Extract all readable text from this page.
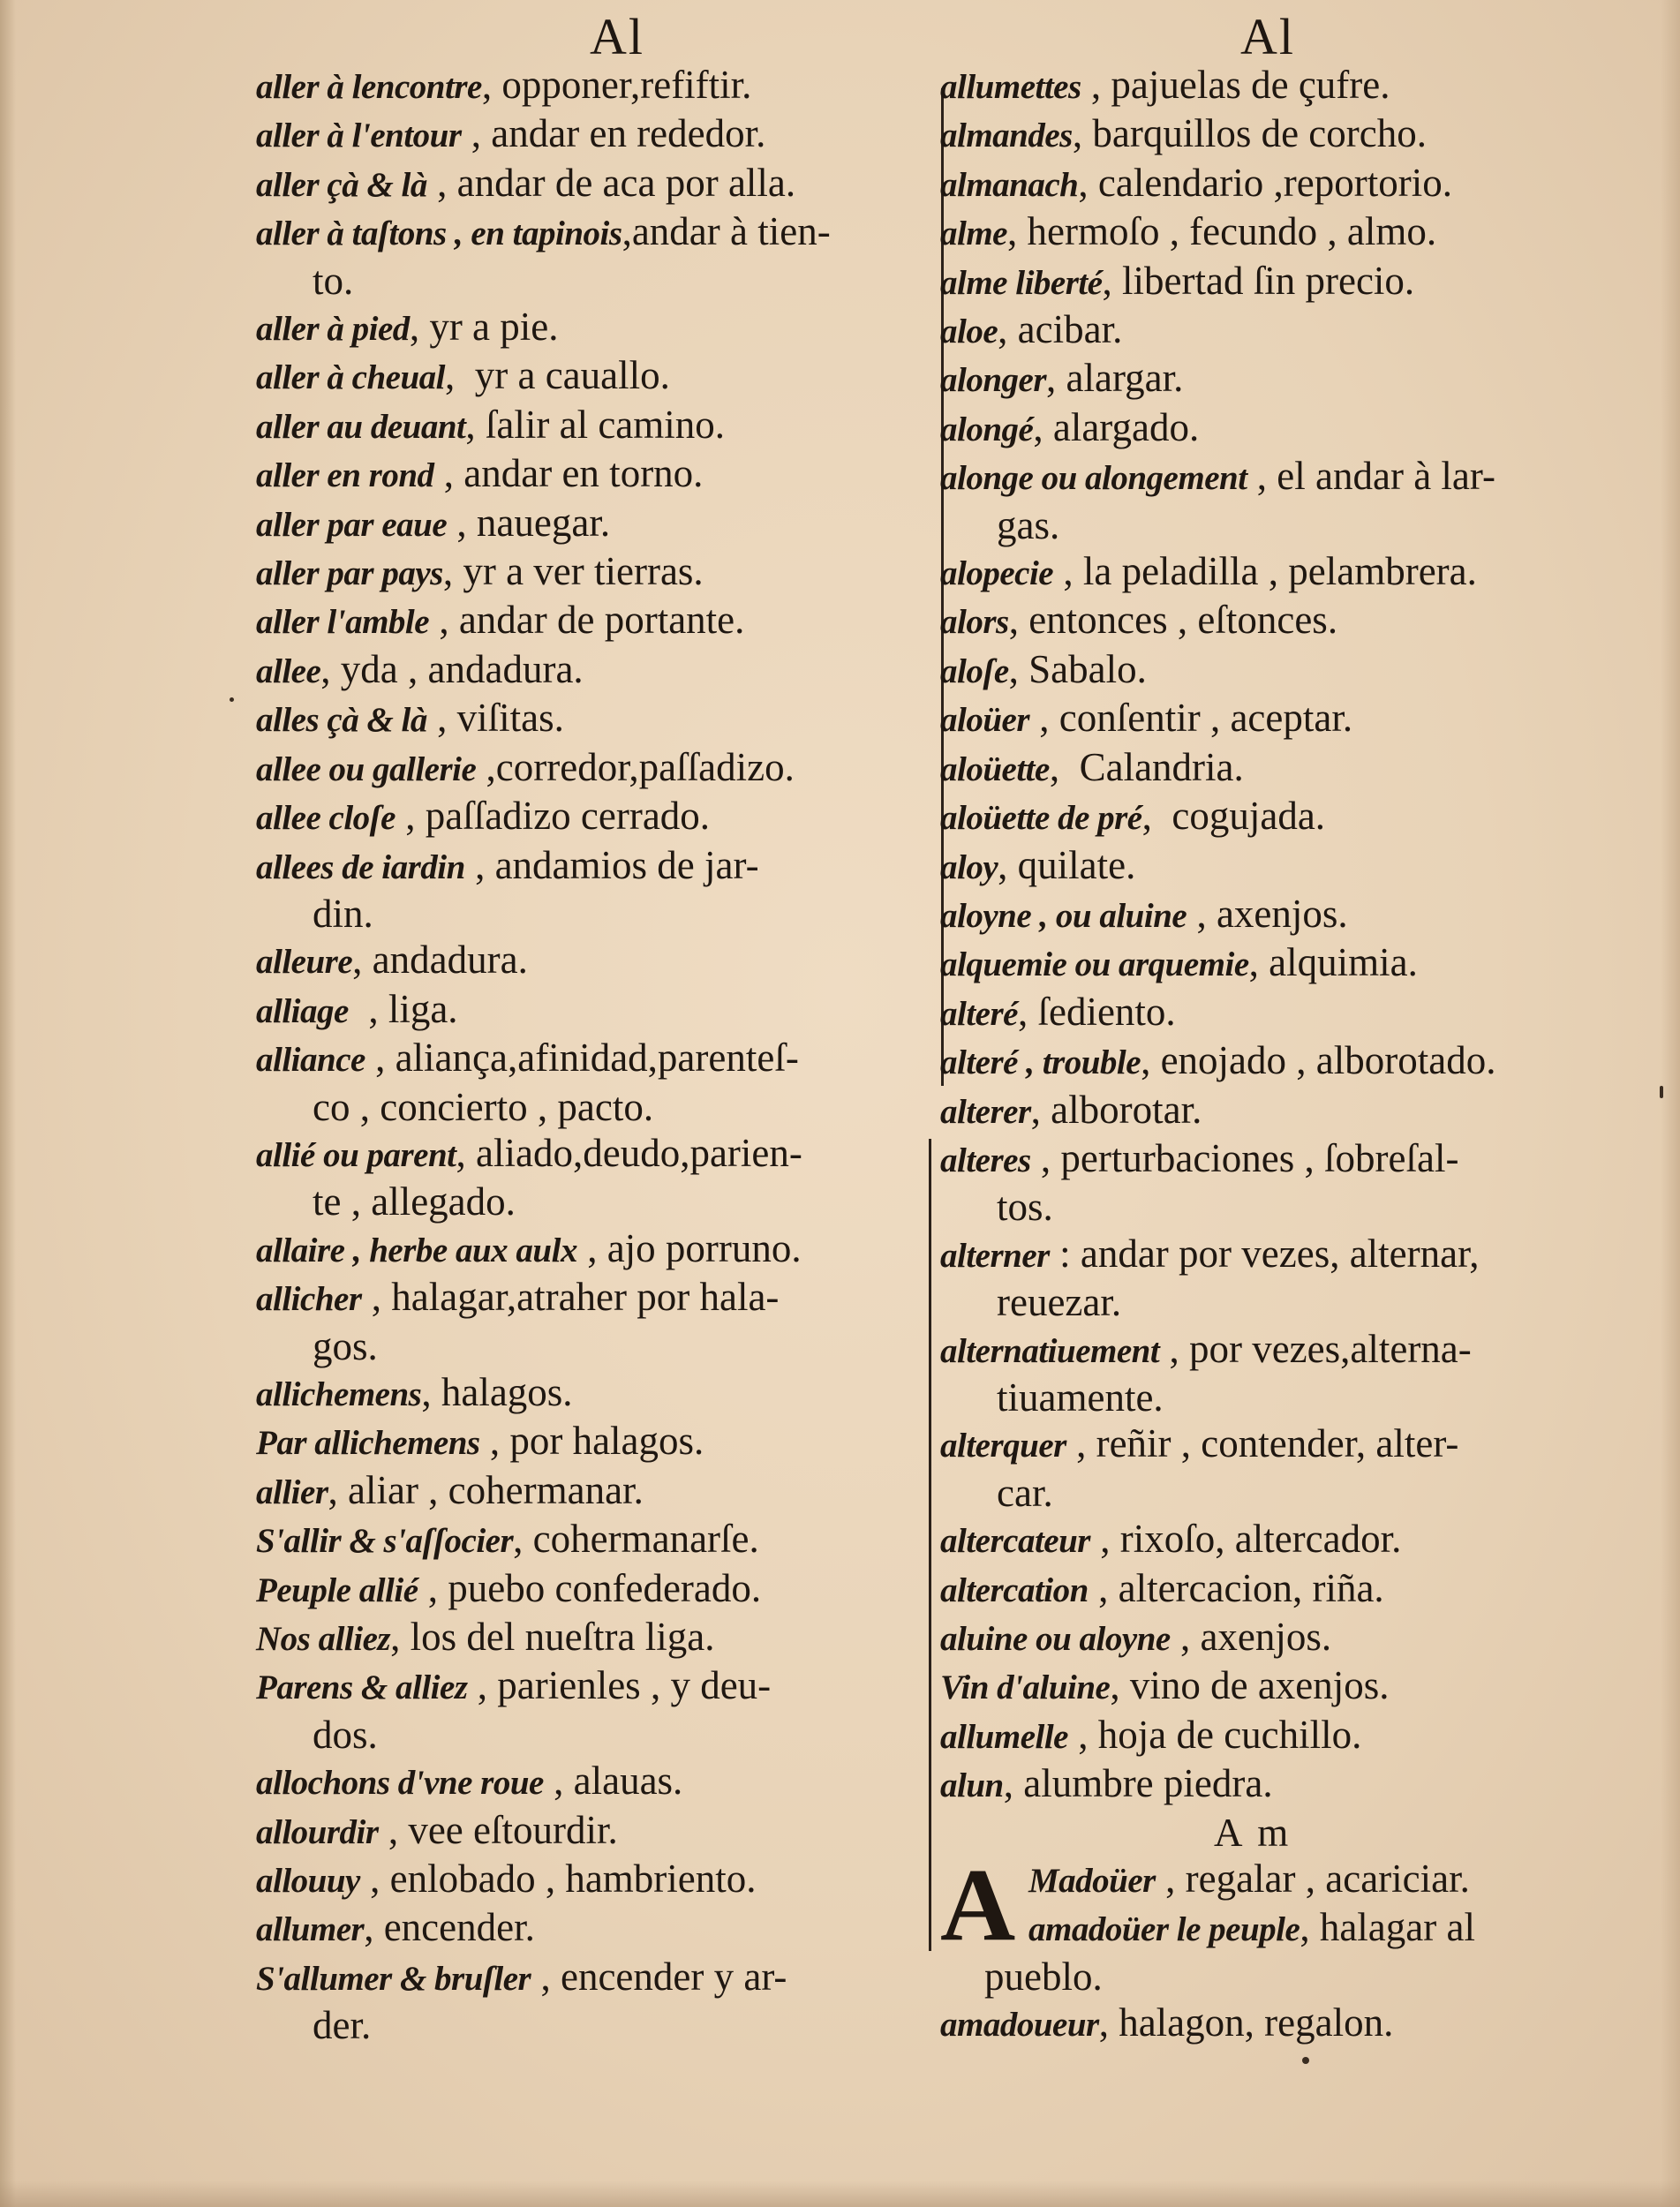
Al	Al
aller à lencontre, opponer,refiftir.
aller à l'entour , andar en rededor.
aller çà & là , andar de aca por alla.
aller à taſtons , en tapinois,andar à tien-
to.
aller à pied, yr a pie.
aller à cheual,  yr a cauallo.
aller au deuant, ſalir al camino.
aller en rond , andar en torno.
aller par eaue , nauegar.
aller par pays, yr a ver tierras.
aller l'amble , andar de portante.
allee, yda , andadura.
alles çà & là , viſitas.
allee ou gallerie ,corredor,paſſadizo.
allee cloſe , paſſadizo cerrado.
allees de iardin , andamios de jar-
din.
alleure, andadura.
alliage  , liga.
alliance , aliança,afinidad,parenteſ-
co , concierto , pacto.
allié ou parent, aliado,deudo,parien-
te , allegado.
allaire , herbe aux aulx , ajo porruno.
allicher , halagar,atraher por hala-
gos.
allichemens, halagos.
Par allichemens , por halagos.
allier, aliar , cohermanar.
S'allir & s'aſſocier, cohermanarſe.
Peuple allié , puebo confederado.
Nos alliez, los del nueſtra liga.
Parens & alliez , parienles , y deu-
dos.
allochons d'vne roue , alauas.
allourdir , vee eſtourdir.
allouuy , enlobado , hambriento.
allumer, encender.
S'allumer & bruſler , encender y ar-
der.
allumettes , pajuelas de çufre.
almandes, barquillos de corcho.
almanach, calendario ,reportorio.
alme, hermoſo , fecundo , almo.
alme liberté, libertad ſin precio.
aloe, acibar.
alonger, alargar.
alongé, alargado.
alonge ou alongement , el andar à lar-
gas.
alopecie , la peladilla , pelambrera.
alors, entonces , eſtonces.
aloſe, Sabalo.
aloüer , conſentir , aceptar.
aloüette,  Calandria.
aloüette de pré,  cogujada.
aloy, quilate.
aloyne , ou aluine , axenjos.
alquemie ou arquemie, alquimia.
alteré, ſediento.
alteré , trouble, enojado , alborotado.
alterer, alborotar.
alteres , perturbaciones , ſobreſal-
tos.
alterner : andar por vezes, alternar,
reuezar.
alternatiuement , por vezes,alterna-
tiuamente.
alterquer , reñir , contender, alter-
car.
altercateur , rixoſo, altercador.
altercation , altercacion, riña.
aluine ou aloyne , axenjos.
Vin d'aluine, vino de axenjos.
allumelle , hoja de cuchillo.
alun, alumbre piedra.
A m
A Madoüer , regalar , acariciar.
amadoüer le peuple, halagar al
pueblo.
amadoueur, halagon, regalon.
